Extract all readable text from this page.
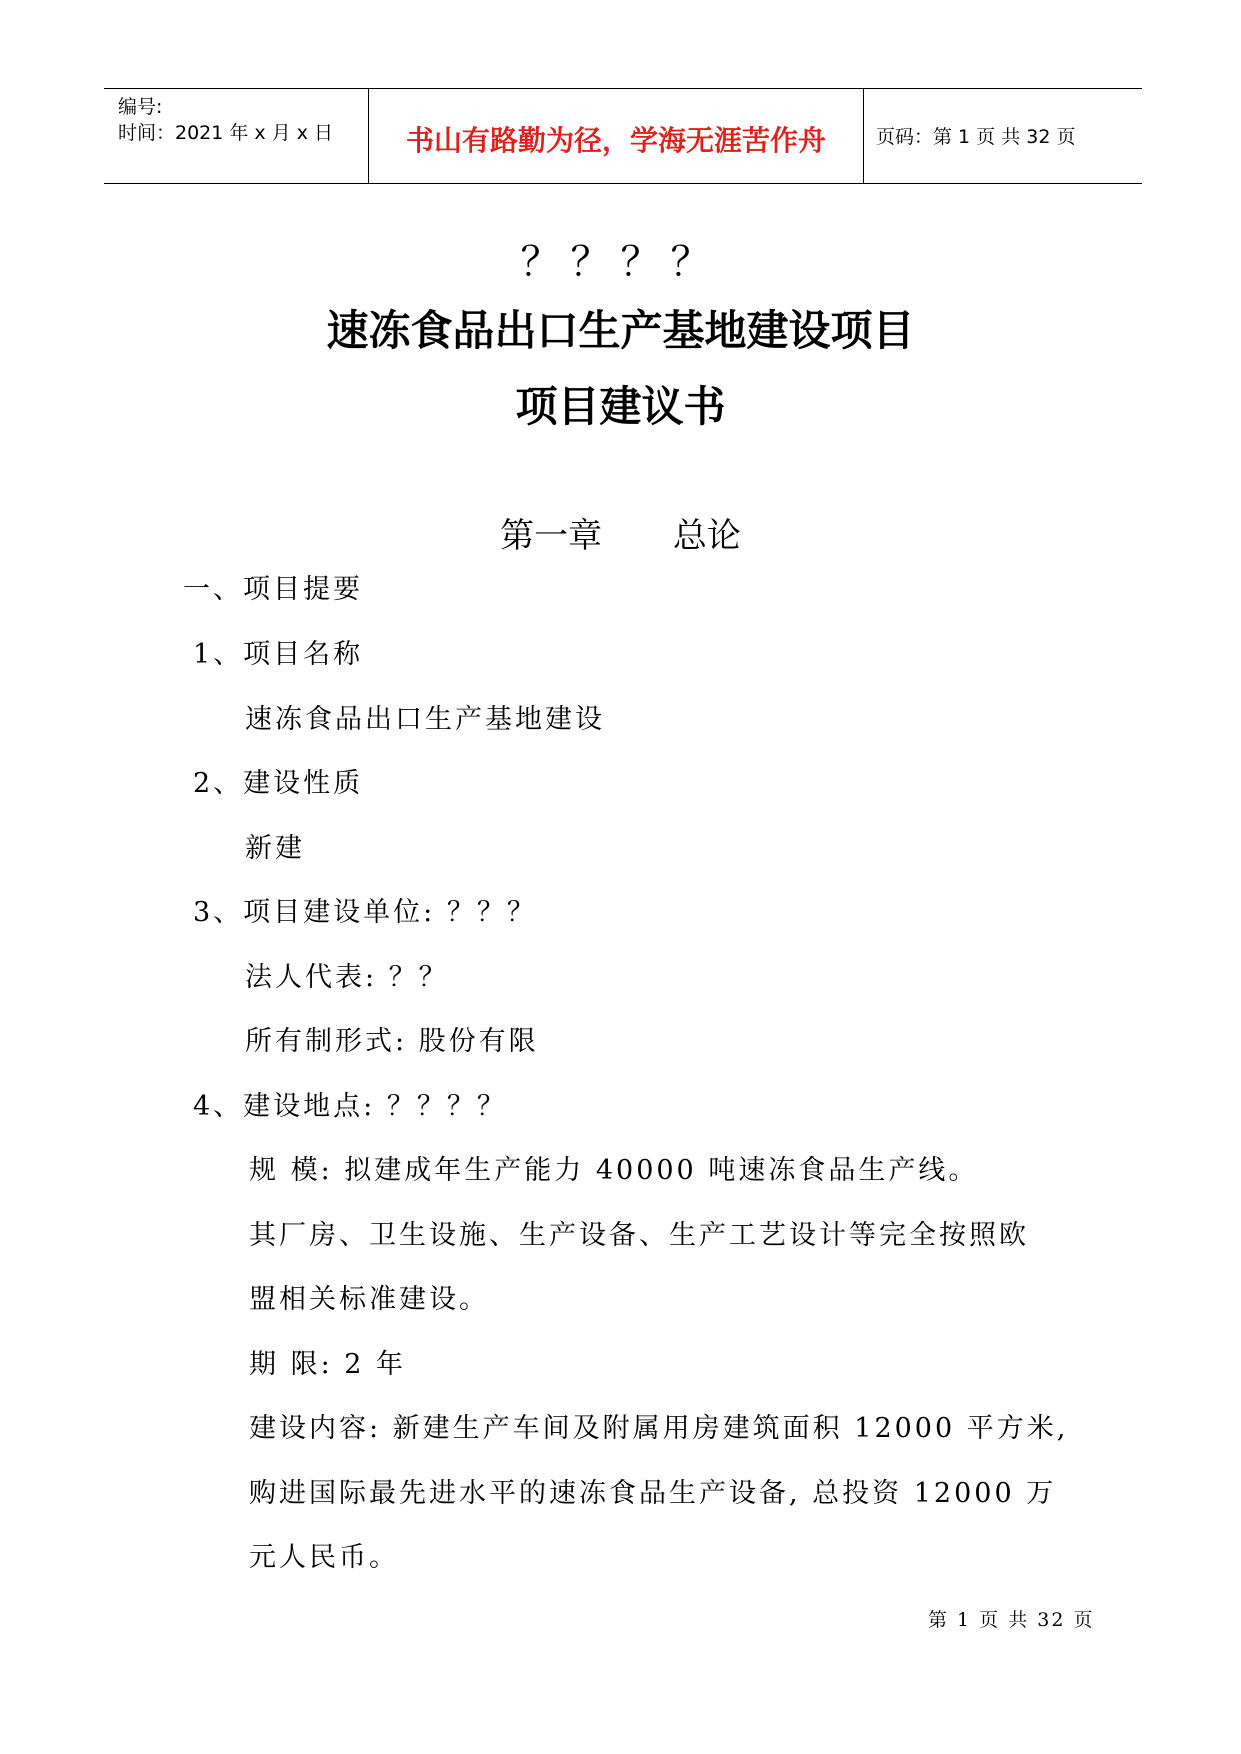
编号:
时间：2021 年 x 月 x 日	书山有路勤为径，学海无涯苦作舟	页码：第 1 页 共 32 页
？？？？
速冻食品出口生产基地建设项目
项目建议书
第一章 总论
一、项目提要
1、项目名称
速冻食品出口生产基地建设
2、建设性质
新建
3、项目建设单位: ？？？
法人代表: ？？
所有制形式: 股份有限
4、建设地点: ？？？？
规 模: 拟建成年生产能力 40000 吨速冻食品生产线。
其厂房、卫生设施、生产设备、生产工艺设计等完全按照欧
盟相关标准建设。
期 限: 2 年
建设内容: 新建生产车间及附属用房建筑面积 12000 平方米,
购进国际最先进水平的速冻食品生产设备, 总投资 12000 万
元人民币。
第 1 页 共 32 页
